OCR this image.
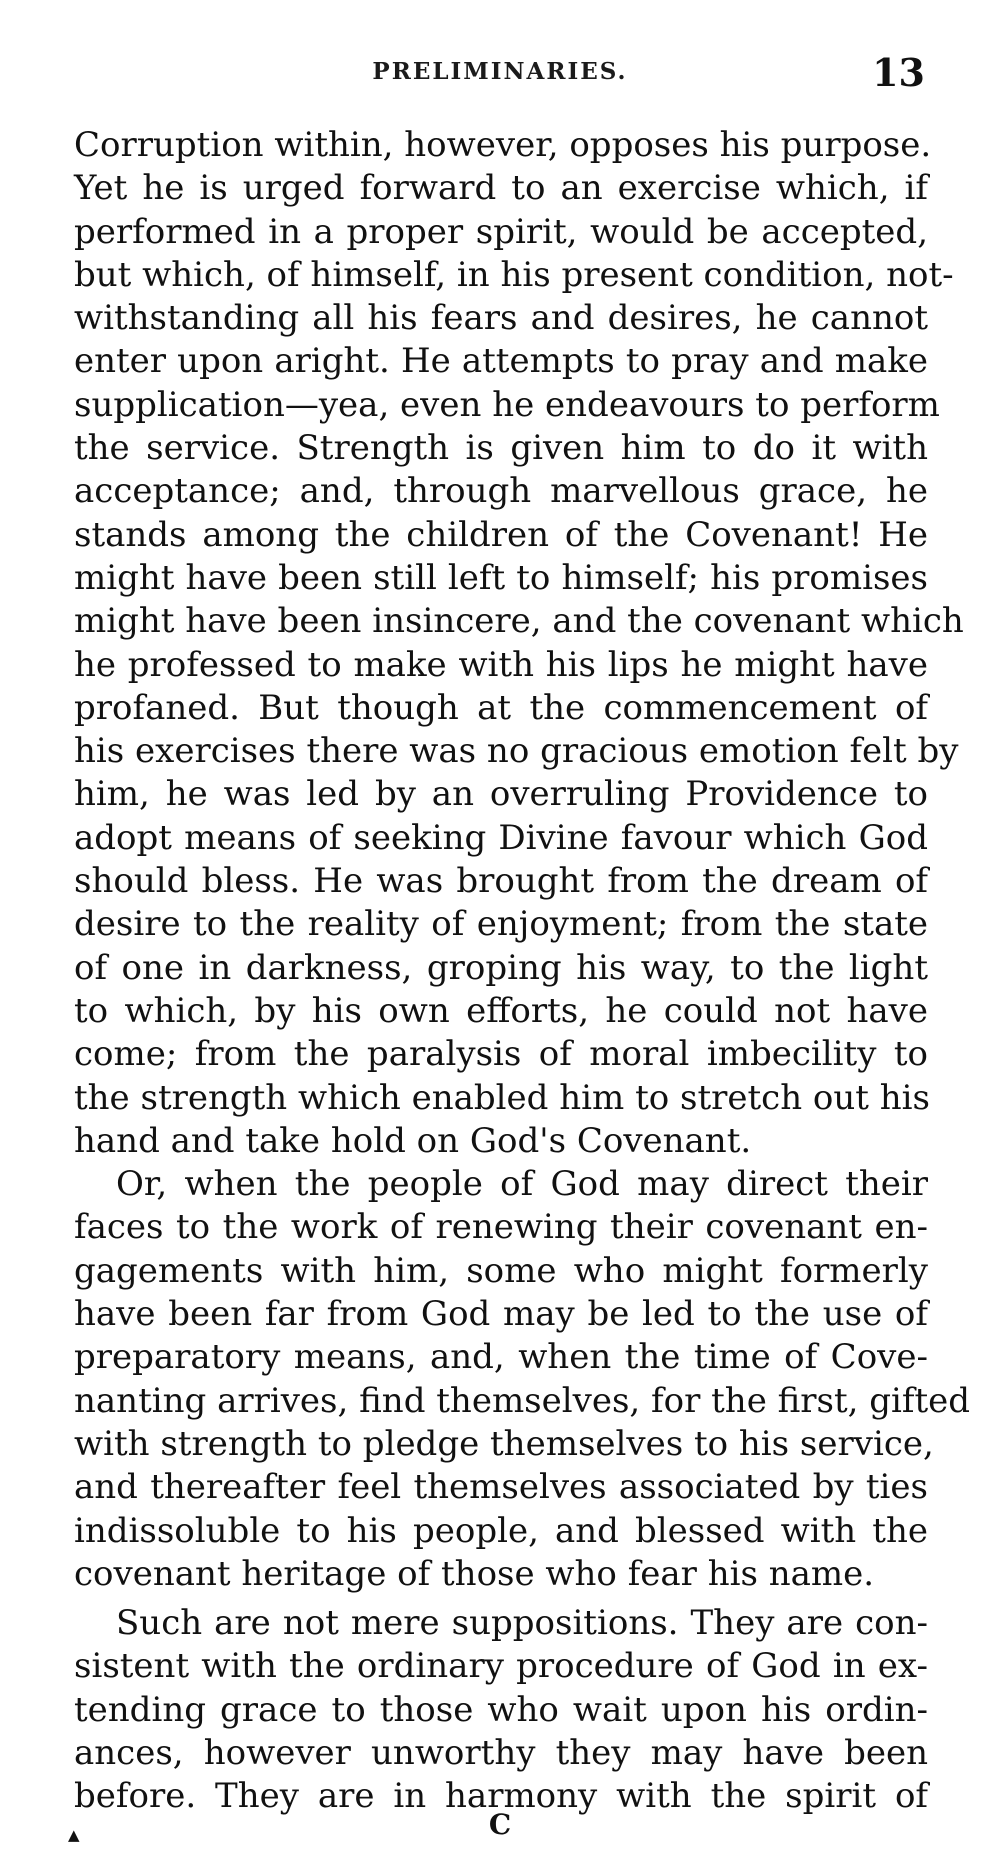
PRELIMINARIES.	13
Corruption within, however, opposes his purpose.
Yet he is urged forward to an exercise which, if
performed in a proper spirit, would be accepted,
but which, of himself, in his present condition, not-
withstanding all his fears and desires, he cannot
enter upon aright. He attempts to pray and make
supplication—yea, even he endeavours to perform
the service. Strength is given him to do it with
acceptance; and, through marvellous grace, he
stands among the children of the Covenant! He
might have been still left to himself; his promises
might have been insincere, and the covenant which
he professed to make with his lips he might have
profaned. But though at the commencement of
his exercises there was no gracious emotion felt by
him, he was led by an overruling Providence to
adopt means of seeking Divine favour which God
should bless. He was brought from the dream of
desire to the reality of enjoyment; from the state
of one in darkness, groping his way, to the light
to which, by his own efforts, he could not have
come; from the paralysis of moral imbecility to
the strength which enabled him to stretch out his
hand and take hold on God's Covenant.
Or, when the people of God may direct their
faces to the work of renewing their covenant en-
gagements with him, some who might formerly
have been far from God may be led to the use of
preparatory means, and, when the time of Cove-
nanting arrives, find themselves, for the first, gifted
with strength to pledge themselves to his service,
and thereafter feel themselves associated by ties
indissoluble to his people, and blessed with the
covenant heritage of those who fear his name.
Such are not mere suppositions. They are con-
sistent with the ordinary procedure of God in ex-
tending grace to those who wait upon his ordin-
ances, however unworthy they may have been
before. They are in harmony with the spirit of
▲	C
